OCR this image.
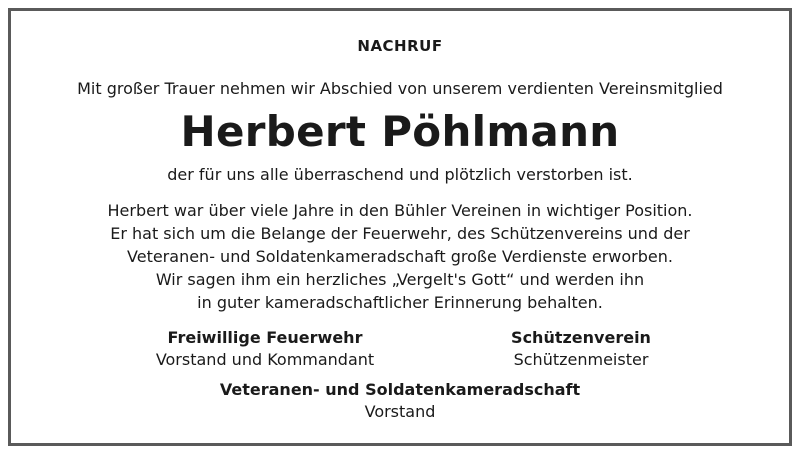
NACHRUF
Mit großer Trauer nehmen wir Abschied von unserem verdienten Vereinsmitglied
Herbert Pöhlmann
der für uns alle überraschend und plötzlich verstorben ist.
Herbert war über viele Jahre in den Bühler Vereinen in wichtiger Position.
Er hat sich um die Belange der Feuerwehr, des Schützenvereins und der
Veteranen- und Soldatenkameradschaft große Verdienste erworben.
Wir sagen ihm ein herzliches „Vergelt's Gott“ und werden ihn
in guter kameradschaftlicher Erinnerung behalten.
Freiwillige Feuerwehr
Vorstand und Kommandant
Schützenverein
Schützenmeister
Veteranen- und Soldatenkameradschaft
Vorstand
